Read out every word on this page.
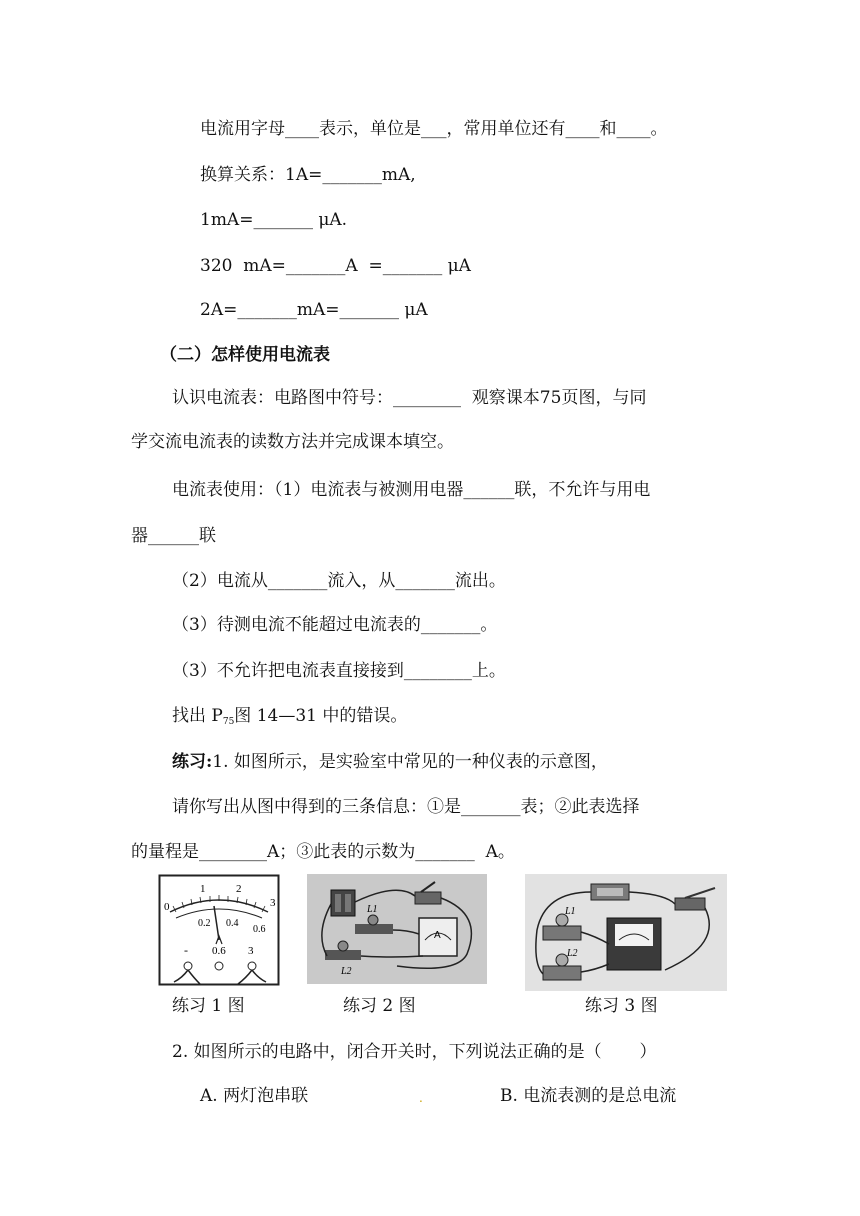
电流用字母____表示，单位是___，常用单位还有____和____。
换算关系：1A=_______mA,
1mA=_______ μA.
320  mA=_______A  =_______ μA
2A=_______mA=_______ μA
（二）怎样使用电流表
认识电流表：电路图中符号：________  观察课本75页图，与同
学交流电流表的读数方法并完成课本填空。
电流表使用：（1）电流表与被测用电器______联，不允许与用电
器______联
（2）电流从_______流入，从_______流出。
（3）待测电流不能超过电流表的_______。
（3）不允许把电流表直接接到________上。
找出 $P_{75}$图 14—31 中的错误。
练习:1. 如图所示，是实验室中常见的一种仪表的示意图，
请你写出从图中得到的三条信息：①是_______表；②此表选择
的量程是________A；③此表的示数为_______  A。
0
1	2
3
0.2 0.4
0.6
- 0.6 3
L1
L2
A
L1
L2
练习 1 图	练习 2 图	练习 3 图
2. 如图所示的电路中，闭合开关时，下列说法正确的是（       ）
A. 两灯泡串联	B. 电流表测的是总电流
.
